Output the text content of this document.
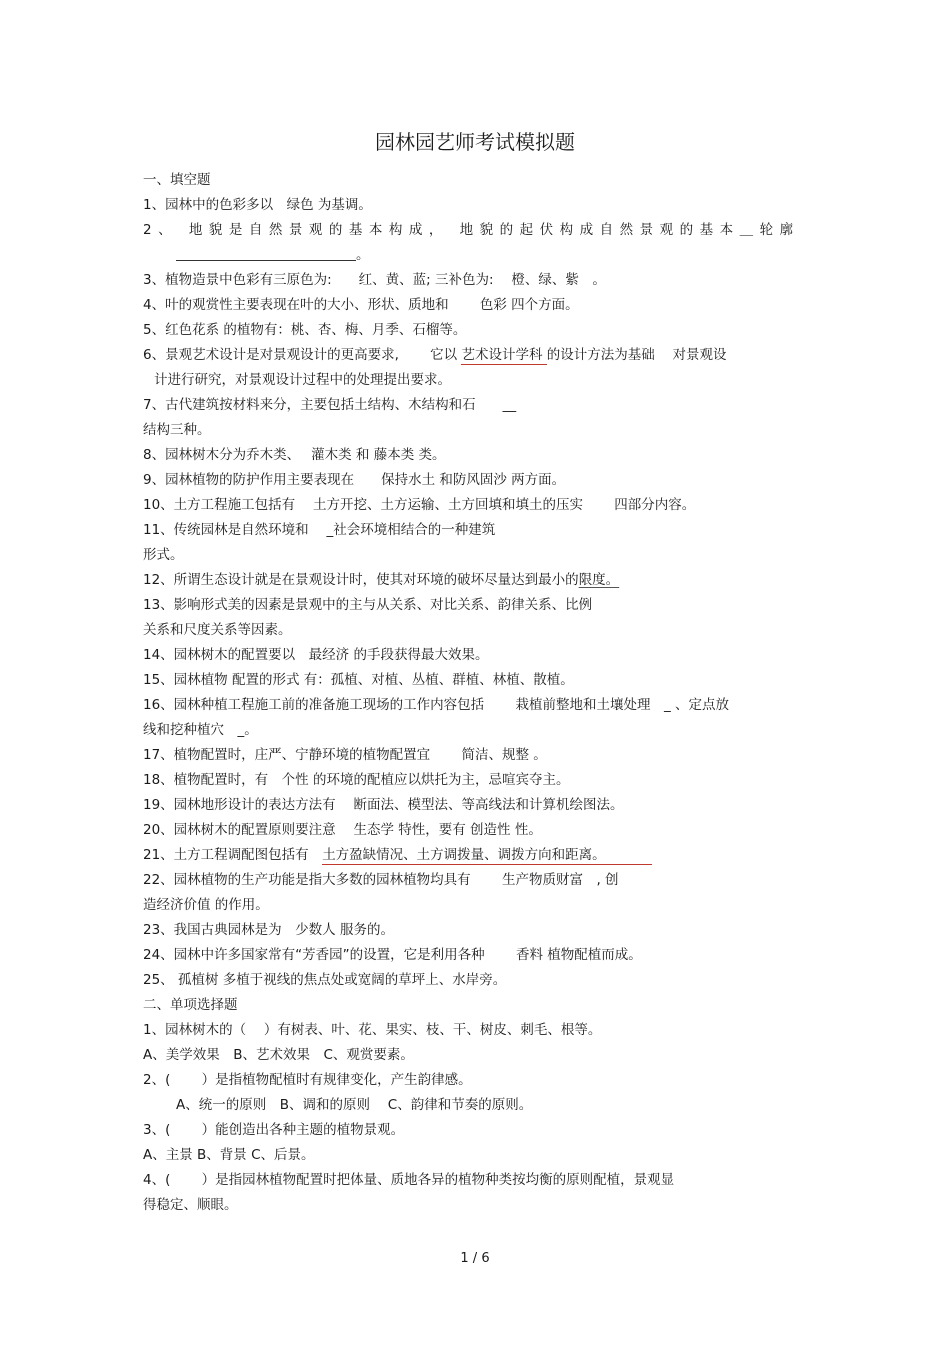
园林园艺师考试模拟题
一、填空题
1、园林中的色彩多以　绿色 为基调。
2、 地貌是自然景观的基本构成， 地貌的起伏构成自然景观的基本＿轮廓
。
3、植物造景中色彩有三原色为:　　红、黄、蓝; 三补色为:　 橙、绿、紫　。
4、叶的观赏性主要表现在叶的大小、形状、质地和　　 色彩 四个方面。
5、红色花系 的植物有：桃、杏、梅、月季、石榴等。
6、景观艺术设计是对景观设计的更高要求,　　 它以 艺术设计学科 的设计方法为基础　 对景观设
计进行研究，对景观设计过程中的处理提出要求。
7、古代建筑按材料来分，主要包括土结构、木结构和石　　__
结构三种。
8、园林树木分为乔木类、　 灌木类 和 藤本类 类。
9、园林植物的防护作用主要表现在　　保持水土 和防风固沙 两方面。
10、土方工程施工包括有　 土方开挖、土方运输、土方回填和填土的压实　　 四部分内容。
11、传统园林是自然环境和　 _社会环境相结合的一种建筑
形式。
12、所谓生态设计就是在景观设计时，使其对环境的破坏尽量达到最小的限度。
13、影响形式美的因素是景观中的主与从关系、对比关系、韵律关系、比例
关系和尺度关系等因素。
14、园林树木的配置要以　最经济 的手段获得最大效果。
15、园林植物 配置的形式 有：孤植、对植、丛植、群植、林植、散植。
16、园林种植工程施工前的准备施工现场的工作内容包括　　 栽植前整地和土壤处理　_ 、定点放
线和挖种植穴　_。
17、植物配置时，庄严、宁静环境的植物配置宜　　 简洁、规整 。
18、植物配置时，有　个性 的环境的配植应以烘托为主，忌喧宾夺主。
19、园林地形设计的表达方法有　 断面法、模型法、等高线法和计算机绘图法。
20、园林树木的配置原则要注意　 生态学 特性，要有 创造性 性。
21、土方工程调配图包括有　土方盈缺情况、土方调拨量、调拨方向和距离。
22、园林植物的生产功能是指大多数的园林植物均具有　　 生产物质财富　, 创
造经济价值 的作用。
23、我国古典园林是为　少数人 服务的。
24、园林中许多国家常有“芳香园”的设置，它是利用各种　　 香料 植物配植而成。
25、 孤植树 多植于视线的焦点处或宽阔的草坪上、水岸旁。
二、单项选择题
1、园林树木的（　 ）有树表、叶、花、果实、枝、干、树皮、刺毛、根等。
A、美学效果　B、艺术效果　C、观赏要素。
2、(　　 ）是指植物配植时有规律变化，产生韵律感。
A、统一的原则　B、调和的原则　 C、韵律和节奏的原则。
3、(　　 ）能创造出各种主题的植物景观。
A、主景 B、背景 C、后景。
4、(　　 ）是指园林植物配置时把体量、质地各异的植物种类按均衡的原则配植，景观显
得稳定、顺眼。
1 / 6
